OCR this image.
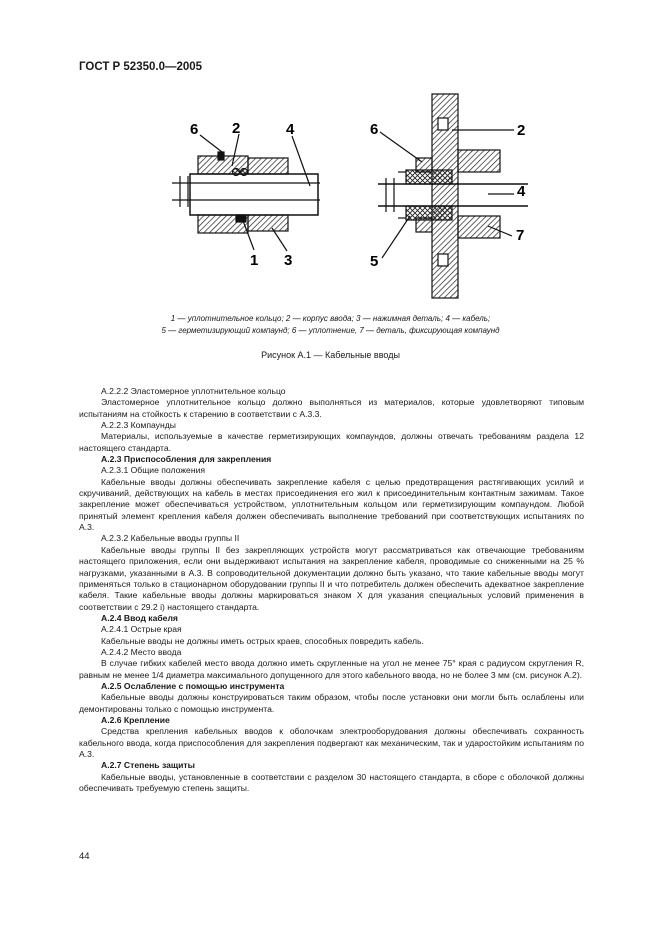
ГОСТ Р 52350.0—2005
6 2	4
1 3
6	2
4
7
5
1 — уплотнительное кольцо; 2 — корпус ввода; 3 — нажимная деталь; 4 — кабель;
5 — герметизирующий компаунд; 6 — уплотнение, 7 — деталь, фиксирующая компаунд
Рисунок А.1 — Кабельные вводы

А.2.2.2 Эластомерное уплотнительное кольцо

Эластомерное уплотнительное кольцо должно выполняться из материалов, которые удовлетворяют типовым испытаниям на стойкость к старению в соответствии с А.3.3.

А.2.2.3 Компаунды

Материалы, используемые в качестве герметизирующих компаундов, должны отвечать требованиям раздела 12 настоящего стандарта.

А.2.3 Приспособления для закрепления

А.2.3.1 Общие положения

Кабельные вводы должны обеспечивать закрепление кабеля с целью предотвращения растягивающих усилий и скручиваний, действующих на кабель в местах присоединения его жил к присоединительным контактным зажимам. Такое закрепление может обеспечиваться устройством, уплотнительным кольцом или герметизирующим компаундом. Любой принятый элемент крепления кабеля должен обеспечивать выполнение требований при соответствующих испытаниях по А.3.

А.2.3.2 Кабельные вводы группы II

Кабельные вводы группы II без закрепляющих устройств могут рассматриваться как отвечающие требованиям настоящего приложения, если они выдерживают испытания на закрепление кабеля, проводимые со сниженными на 25 % нагрузками, указанными в А.3. В сопроводительной документации должно быть указано, что такие кабельные вводы могут применяться только в стационарном оборудовании группы II и что потребитель должен обеспечить адекватное закрепление кабеля. Такие кабельные вводы должны маркироваться знаком X для указания специальных условий применения в соответствии с 29.2 i) настоящего стандарта.

А.2.4 Ввод кабеля

А.2.4.1 Острые края

Кабельные вводы не должны иметь острых краев, способных повредить кабель.

А.2.4.2 Место ввода

В случае гибких кабелей место ввода должно иметь скругленные на угол не менее 75° края с радиусом скругления R, равным не менее 1/4 диаметра максимального допущенного для этого кабельного ввода, но не более 3 мм (см. рисунок А.2).

А.2.5 Ослабление с помощью инструмента

Кабельные вводы должны конструироваться таким образом, чтобы после установки они могли быть ослаблены или демонтированы только с помощью инструмента.

А.2.6 Крепление

Средства крепления кабельных вводов к оболочкам электрооборудования должны обеспечивать сохранность кабельного ввода, когда приспособления для закрепления подвергают как механическим, так и ударостойким испытаниям по А.3.

А.2.7 Степень защиты

Кабельные вводы, установленные в соответствии с разделом 30 настоящего стандарта, в сборе с оболочкой должны обеспечивать требуемую степень защиты.

44
